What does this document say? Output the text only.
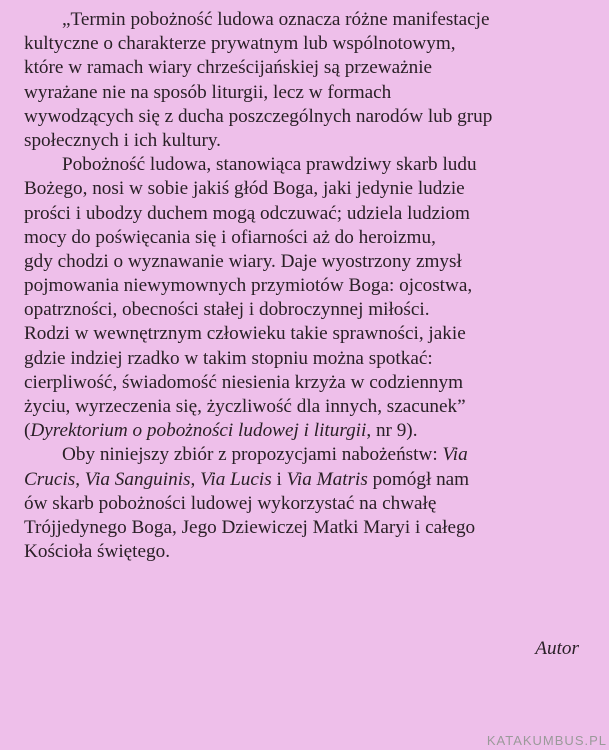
„Termin pobożność ludowa oznacza różne manifestacje
kultyczne o charakterze prywatnym lub wspólnotowym,
które w ramach wiary chrześcijańskiej są przeważnie
wyrażane nie na sposób liturgii, lecz w formach
wywodzących się z ducha poszczególnych narodów lub grup
społecznych i ich kultury.
Pobożność ludowa, stanowiąca prawdziwy skarb ludu
Bożego, nosi w sobie jakiś głód Boga, jaki jedynie ludzie
prości i ubodzy duchem mogą odczuwać; udziela ludziom
mocy do poświęcania się i ofiarności aż do heroizmu,
gdy chodzi o wyznawanie wiary. Daje wyostrzony zmysł
pojmowania niewymownych przymiotów Boga: ojcostwa,
opatrzności, obecności stałej i dobroczynnej miłości.
Rodzi w wewnętrznym człowieku takie sprawności, jakie
gdzie indziej rzadko w takim stopniu można spotkać:
cierpliwość, świadomość niesienia krzyża w codziennym
życiu, wyrzeczenia się, życzliwość dla innych, szacunek”
(Dyrektorium o pobożności ludowej i liturgii, nr 9).
Oby niniejszy zbiór z propozycjami nabożeństw: Via
Crucis, Via Sanguinis, Via Lucis i Via Matris pomógł nam
ów skarb pobożności ludowej wykorzystać na chwałę
Trójjedynego Boga, Jego Dziewiczej Matki Maryi i całego
Kościoła świętego.
Autor
KATAKUMBUS.PL
